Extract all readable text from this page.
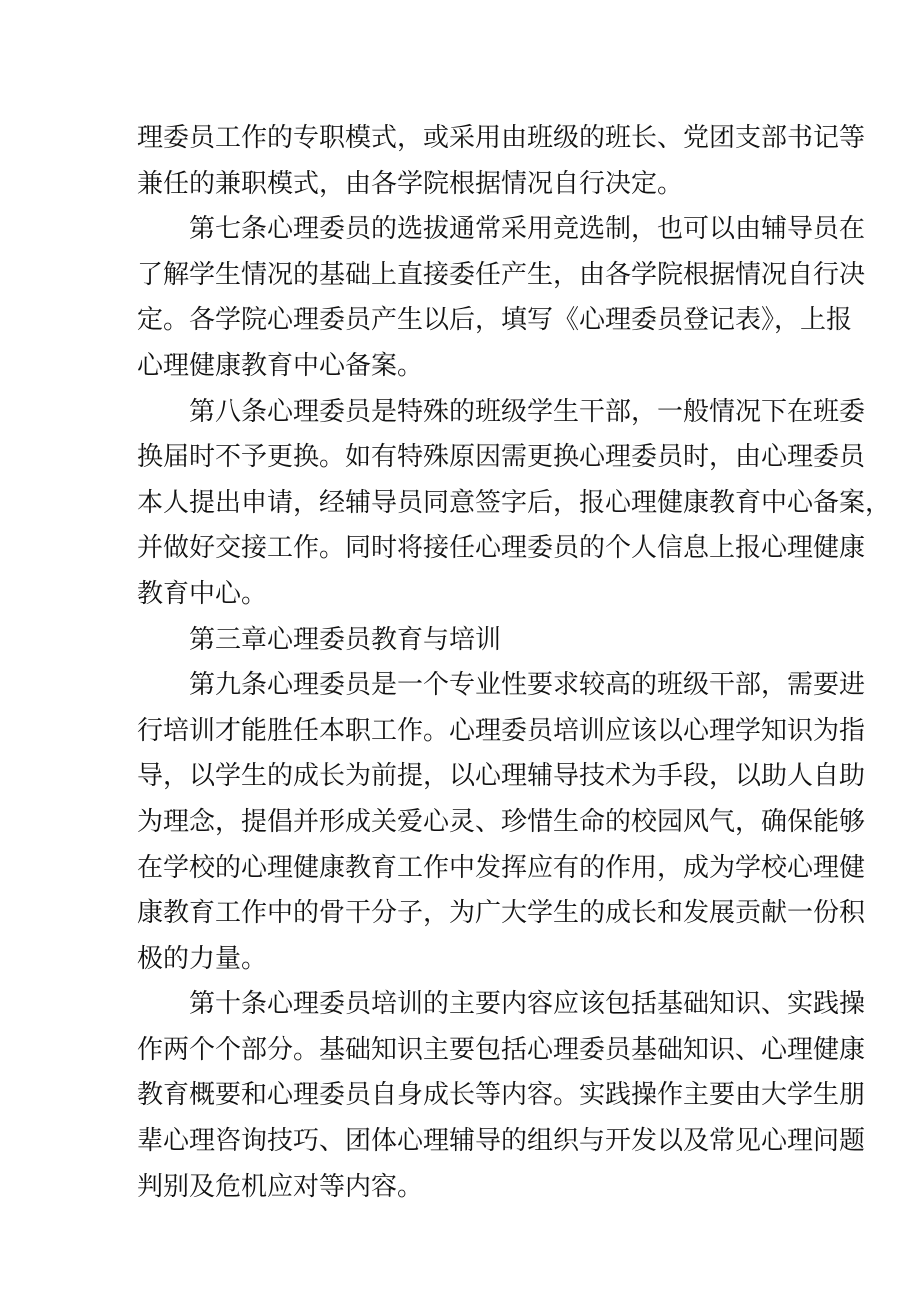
理委员工作的专职模式，或采用由班级的班长、党团支部书记等
兼任的兼职模式，由各学院根据情况自行决定。
第七条心理委员的选拔通常采用竞选制，也可以由辅导员在
了解学生情况的基础上直接委任产生，由各学院根据情况自行决
定。各学院心理委员产生以后，填写《心理委员登记表》，上报
心理健康教育中心备案。
第八条心理委员是特殊的班级学生干部，一般情况下在班委
换届时不予更换。如有特殊原因需更换心理委员时，由心理委员
本人提出申请，经辅导员同意签字后，报心理健康教育中心备案，
并做好交接工作。同时将接任心理委员的个人信息上报心理健康
教育中心。
第三章心理委员教育与培训
第九条心理委员是一个专业性要求较高的班级干部，需要进
行培训才能胜任本职工作。心理委员培训应该以心理学知识为指
导，以学生的成长为前提，以心理辅导技术为手段，以助人自助
为理念，提倡并形成关爱心灵、珍惜生命的校园风气，确保能够
在学校的心理健康教育工作中发挥应有的作用，成为学校心理健
康教育工作中的骨干分子，为广大学生的成长和发展贡献一份积
极的力量。
第十条心理委员培训的主要内容应该包括基础知识、实践操
作两个个部分。基础知识主要包括心理委员基础知识、心理健康
教育概要和心理委员自身成长等内容。实践操作主要由大学生朋
辈心理咨询技巧、团体心理辅导的组织与开发以及常见心理问题
判别及危机应对等内容。
